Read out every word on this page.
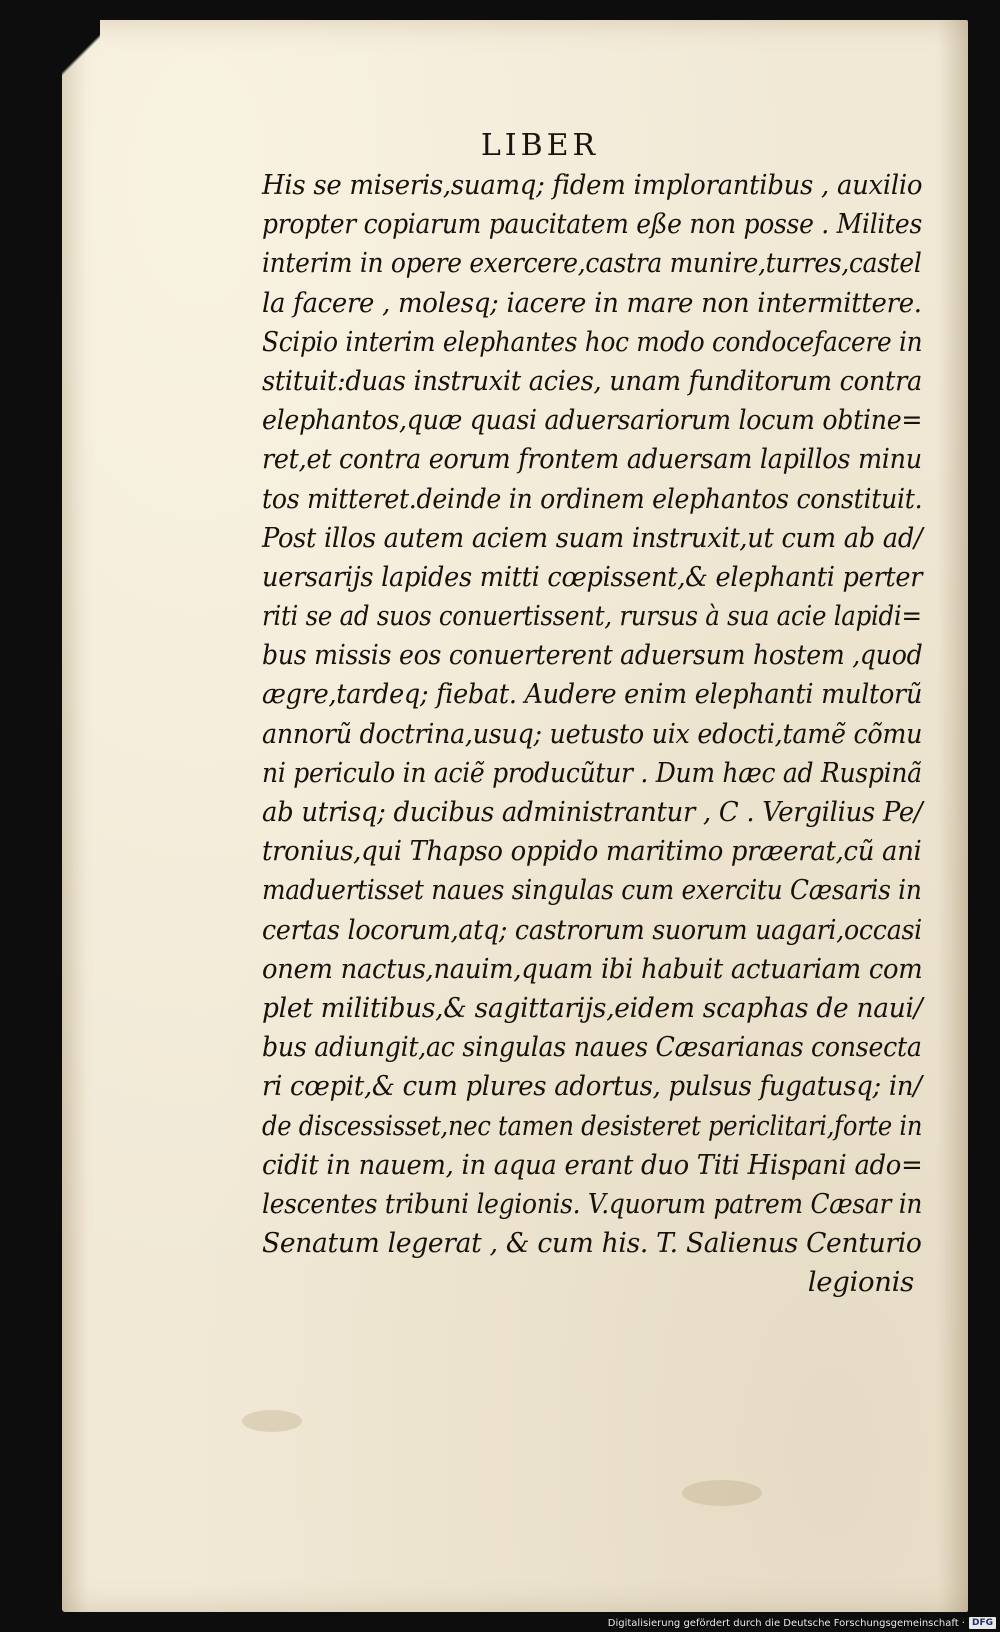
LIBER
His se miseris,suamq; fidem implorantibus , auxilio
propter copiarum paucitatem eße non posse . Milites
interim in opere exercere,castra munire,turres,castel
la facere , molesq; iacere in mare non intermittere.
Scipio interim elephantes hoc modo condocefacere in
stituit:duas instruxit acies, unam funditorum contra
elephantos,quæ quasi aduersariorum locum obtine=
ret,et contra eorum frontem aduersam lapillos minu
tos mitteret.deinde in ordinem elephantos constituit.
Post illos autem aciem suam instruxit,ut cum ab ad/
uersarijs lapides mitti cœpissent,& elephanti perter
riti se ad suos conuertissent, rursus à sua acie lapidi=
bus missis eos conuerterent aduersum hostem ,quod
ægre,tardeq; fiebat. Audere enim elephanti multorũ
annorũ doctrina,usuq; uetusto uix edocti,tamẽ cõmu
ni periculo in aciẽ producũtur . Dum hæc ad Ruspinã
ab utrisq; ducibus administrantur , C . Vergilius Pe/
tronius,qui Thapso oppido maritimo præerat,cũ ani
maduertisset naues singulas cum exercitu Cæsaris in
certas locorum,atq; castrorum suorum uagari,occasi
onem nactus,nauim,quam ibi habuit actuariam com
plet militibus,& sagittarijs,eidem scaphas de naui/
bus adiungit,ac singulas naues Cæsarianas consecta
ri cœpit,& cum plures adortus, pulsus fugatusq; in/
de discessisset,nec tamen desisteret periclitari,forte in
cidit in nauem, in aqua erant duo Titi Hispani ado=
lescentes tribuni legionis. V.quorum patrem Cæsar in
Senatum legerat , & cum his. T. Salienus Centurio
legionis
Digitalisierung gefördert durch die Deutsche Forschungsgemeinschaft · DFG
